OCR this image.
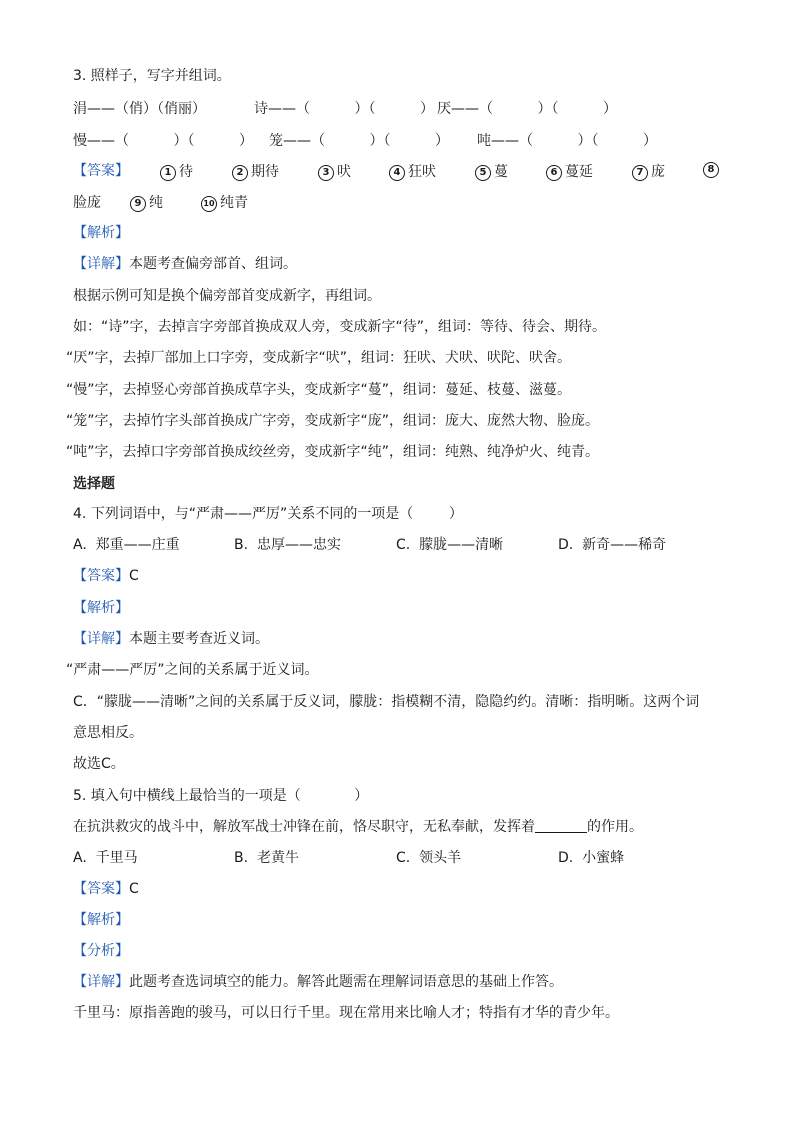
3. 照样子，写字并组词。
涓——（俏）（俏丽）	诗——（          ）（          ） 厌——（          ）（          ）
慢——（          ）（          ） 笼——（          ）（          ） 吨——（          ）（          ）
【答案】	1 待	2 期待	3 吠	4 狂吠	5 蔓	6 蔓延	7 庞	8
脸庞	9 纯	10 纯青
【解析】
【详解】本题考查偏旁部首、组词。
根据示例可知是换个偏旁部首变成新字，再组词。
如：“诗”字，去掉言字旁部首换成双人旁，变成新字“待”，组词：等待、待会、期待。
“厌”字，去掉厂部加上口字旁，变成新字“吠”，组词：狂吠、犬吠、吠陀、吠舍。
“慢”字，去掉竖心旁部首换成草字头，变成新字“蔓”，组词：蔓延、枝蔓、滋蔓。
“笼”字，去掉竹字头部首换成广字旁，变成新字“庞”，组词：庞大、庞然大物、脸庞。
“吨”字，去掉口字旁部首换成绞丝旁，变成新字“纯”，组词：纯熟、纯净炉火、纯青。
选择题
4. 下列词语中，与“严肃——严厉”关系不同的一项是（        ）
A.  郑重——庄重	B.  忠厚——忠实	C.  朦胧——清晰	D.  新奇——稀奇
【答案】C
【解析】
【详解】本题主要考查近义词。
“严肃——严厉”之间的关系属于近义词。
C．“朦胧——清晰”之间的关系属于反义词，朦胧：指模糊不清，隐隐约约。清晰：指明晰。这两个词
意思相反。
故选C。
5. 填入句中横线上最恰当的一项是（            ）
在抗洪救灾的战斗中，解放军战士冲锋在前，恪尽职守，无私奉献，发挥着	的作用。
A.  千里马	B.  老黄牛	C.  领头羊	D.  小蜜蜂
【答案】C
【解析】
【分析】
【详解】此题考查选词填空的能力。解答此题需在理解词语意思的基础上作答。
千里马：原指善跑的骏马，可以日行千里。现在常用来比喻人才；特指有才华的青少年。
